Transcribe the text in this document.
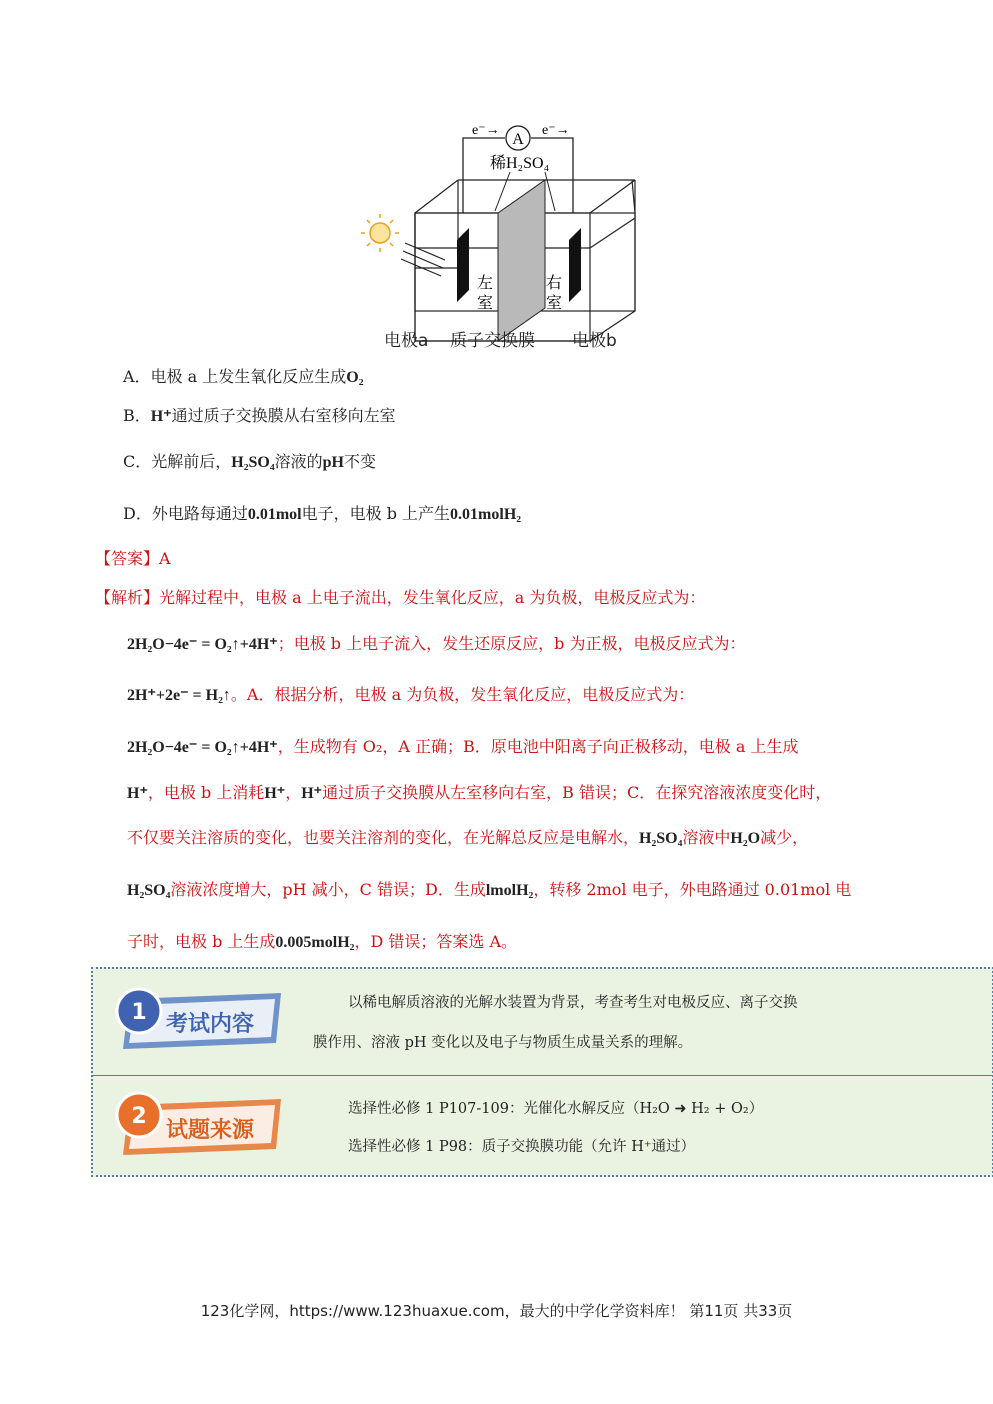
A
e⁻→	e⁻→
稀H₂SO₄
左
室
右
室
电极a 质子交换膜 电极b
A．电极 a 上发生氧化反应生成O₂
B．H⁺通过质子交换膜从右室移向左室
C．光解前后，H₂SO₄溶液的pH不变
D．外电路每通过0.01mol电子，电极 b 上产生0.01molH₂
【答案】A
【解析】光解过程中，电极 a 上电子流出，发生氧化反应，a 为负极，电极反应式为：
2H₂O−4e⁻ = O₂↑+4H⁺；电极 b 上电子流入，发生还原反应，b 为正极，电极反应式为：
2H⁺+2e⁻ = H₂↑。A．根据分析，电极 a 为负极，发生氧化反应，电极反应式为：
2H₂O−4e⁻ = O₂↑+4H⁺，生成物有 O₂，A 正确；B．原电池中阳离子向正极移动，电极 a 上生成
H⁺，电极 b 上消耗H⁺，H⁺通过质子交换膜从左室移向右室，B 错误；C．在探究溶液浓度变化时，
不仅要关注溶质的变化，也要关注溶剂的变化，在光解总反应是电解水，H₂SO₄溶液中H₂O减少，
H₂SO₄溶液浓度增大，pH 减小，C 错误；D．生成lmolH₂，转移 2mol 电子，外电路通过 0.01mol 电
子时，电极 b 上生成0.005molH₂，D 错误；答案选 A。
1 考试内容
以稀电解质溶液的光解水装置为背景，考查考生对电极反应、离子交换
膜作用、溶液 pH 变化以及电子与物质生成量关系的理解。
2
试题来源
选择性必修 1 P107-109：光催化水解反应（H₂O ➜ H₂ + O₂）
选择性必修 1 P98：质子交换膜功能（允许 H⁺通过）
123化学网，https://www.123huaxue.com，最大的中学化学资料库！ 第11页 共33页
